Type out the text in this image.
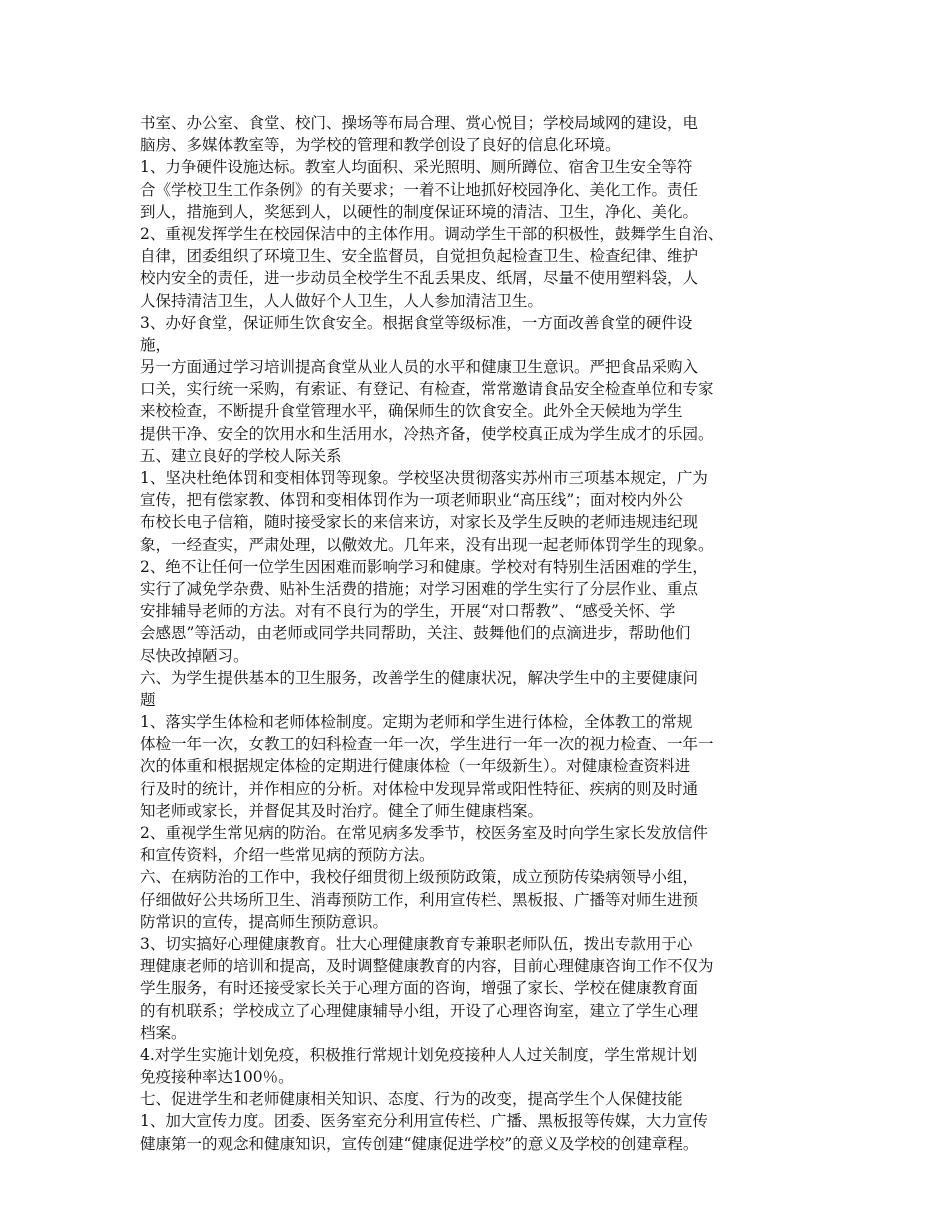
书室、办公室、食堂、校门、操场等布局合理、赏心悦目；学校局域网的建设，电
脑房、多媒体教室等，为学校的管理和教学创设了良好的信息化环境。
1、力争硬件设施达标。教室人均面积、采光照明、厕所蹲位、宿舍卫生安全等符
合《学校卫生工作条例》的有关要求；一着不让地抓好校园净化、美化工作。责任
到人，措施到人，奖惩到人，以硬性的制度保证环境的清洁、卫生，净化、美化。
2、重视发挥学生在校园保洁中的主体作用。调动学生干部的积极性，鼓舞学生自治、
自律，团委组织了环境卫生、安全监督员，自觉担负起检查卫生、检查纪律、维护
校内安全的责任，进一步动员全校学生不乱丢果皮、纸屑，尽量不使用塑料袋，人
人保持清洁卫生，人人做好个人卫生，人人参加清洁卫生。
3、办好食堂，保证师生饮食安全。根据食堂等级标准，一方面改善食堂的硬件设
施，
另一方面通过学习培训提高食堂从业人员的水平和健康卫生意识。严把食品采购入
口关，实行统一采购，有索证、有登记、有检查，常常邀请食品安全检查单位和专家
来校检查，不断提升食堂管理水平，确保师生的饮食安全。此外全天候地为学生
提供干净、安全的饮用水和生活用水，冷热齐备，使学校真正成为学生成才的乐园。
五、建立良好的学校人际关系
1、坚决杜绝体罚和变相体罚等现象。学校坚决贯彻落实苏州市三项基本规定，广为
宣传，把有偿家教、体罚和变相体罚作为一项老师职业“高压线”；面对校内外公
布校长电子信箱，随时接受家长的来信来访，对家长及学生反映的老师违规违纪现
象，一经查实，严肃处理，以儆效尤。几年来，没有出现一起老师体罚学生的现象。
2、绝不让任何一位学生因困难而影响学习和健康。学校对有特别生活困难的学生，
实行了减免学杂费、贴补生活费的措施；对学习困难的学生实行了分层作业、重点
安排辅导老师的方法。对有不良行为的学生，开展“对口帮教”、“感受关怀、学
会感恩”等活动，由老师或同学共同帮助，关注、鼓舞他们的点滴进步，帮助他们
尽快改掉陋习。
六、为学生提供基本的卫生服务，改善学生的健康状况，解决学生中的主要健康问
题
1、落实学生体检和老师体检制度。定期为老师和学生进行体检，全体教工的常规
体检一年一次，女教工的妇科检查一年一次，学生进行一年一次的视力检查、一年一
次的体重和根据规定体检的定期进行健康体检（一年级新生）。对健康检查资料进
行及时的统计，并作相应的分析。对体检中发现异常或阳性特征、疾病的则及时通
知老师或家长，并督促其及时治疗。健全了师生健康档案。
2、重视学生常见病的防治。在常见病多发季节，校医务室及时向学生家长发放信件
和宣传资料，介绍一些常见病的预防方法。
六、在病防治的工作中，我校仔细贯彻上级预防政策，成立预防传染病领导小组，
仔细做好公共场所卫生、消毒预防工作，利用宣传栏、黑板报、广播等对师生进预
防常识的宣传，提高师生预防意识。
3、切实搞好心理健康教育。壮大心理健康教育专兼职老师队伍，拨出专款用于心
理健康老师的培训和提高，及时调整健康教育的内容，目前心理健康咨询工作不仅为
学生服务，有时还接受家长关于心理方面的咨询，增强了家长、学校在健康教育面
的有机联系；学校成立了心理健康辅导小组，开设了心理咨询室，建立了学生心理
档案。
4.对学生实施计划免疫，积极推行常规计划免疫接种人人过关制度，学生常规计划
免疫接种率达100％。
七、促进学生和老师健康相关知识、态度、行为的改变，提高学生个人保健技能
1、加大宣传力度。团委、医务室充分利用宣传栏、广播、黑板报等传媒，大力宣传
健康第一的观念和健康知识，宣传创建“健康促进学校”的意义及学校的创建章程。
